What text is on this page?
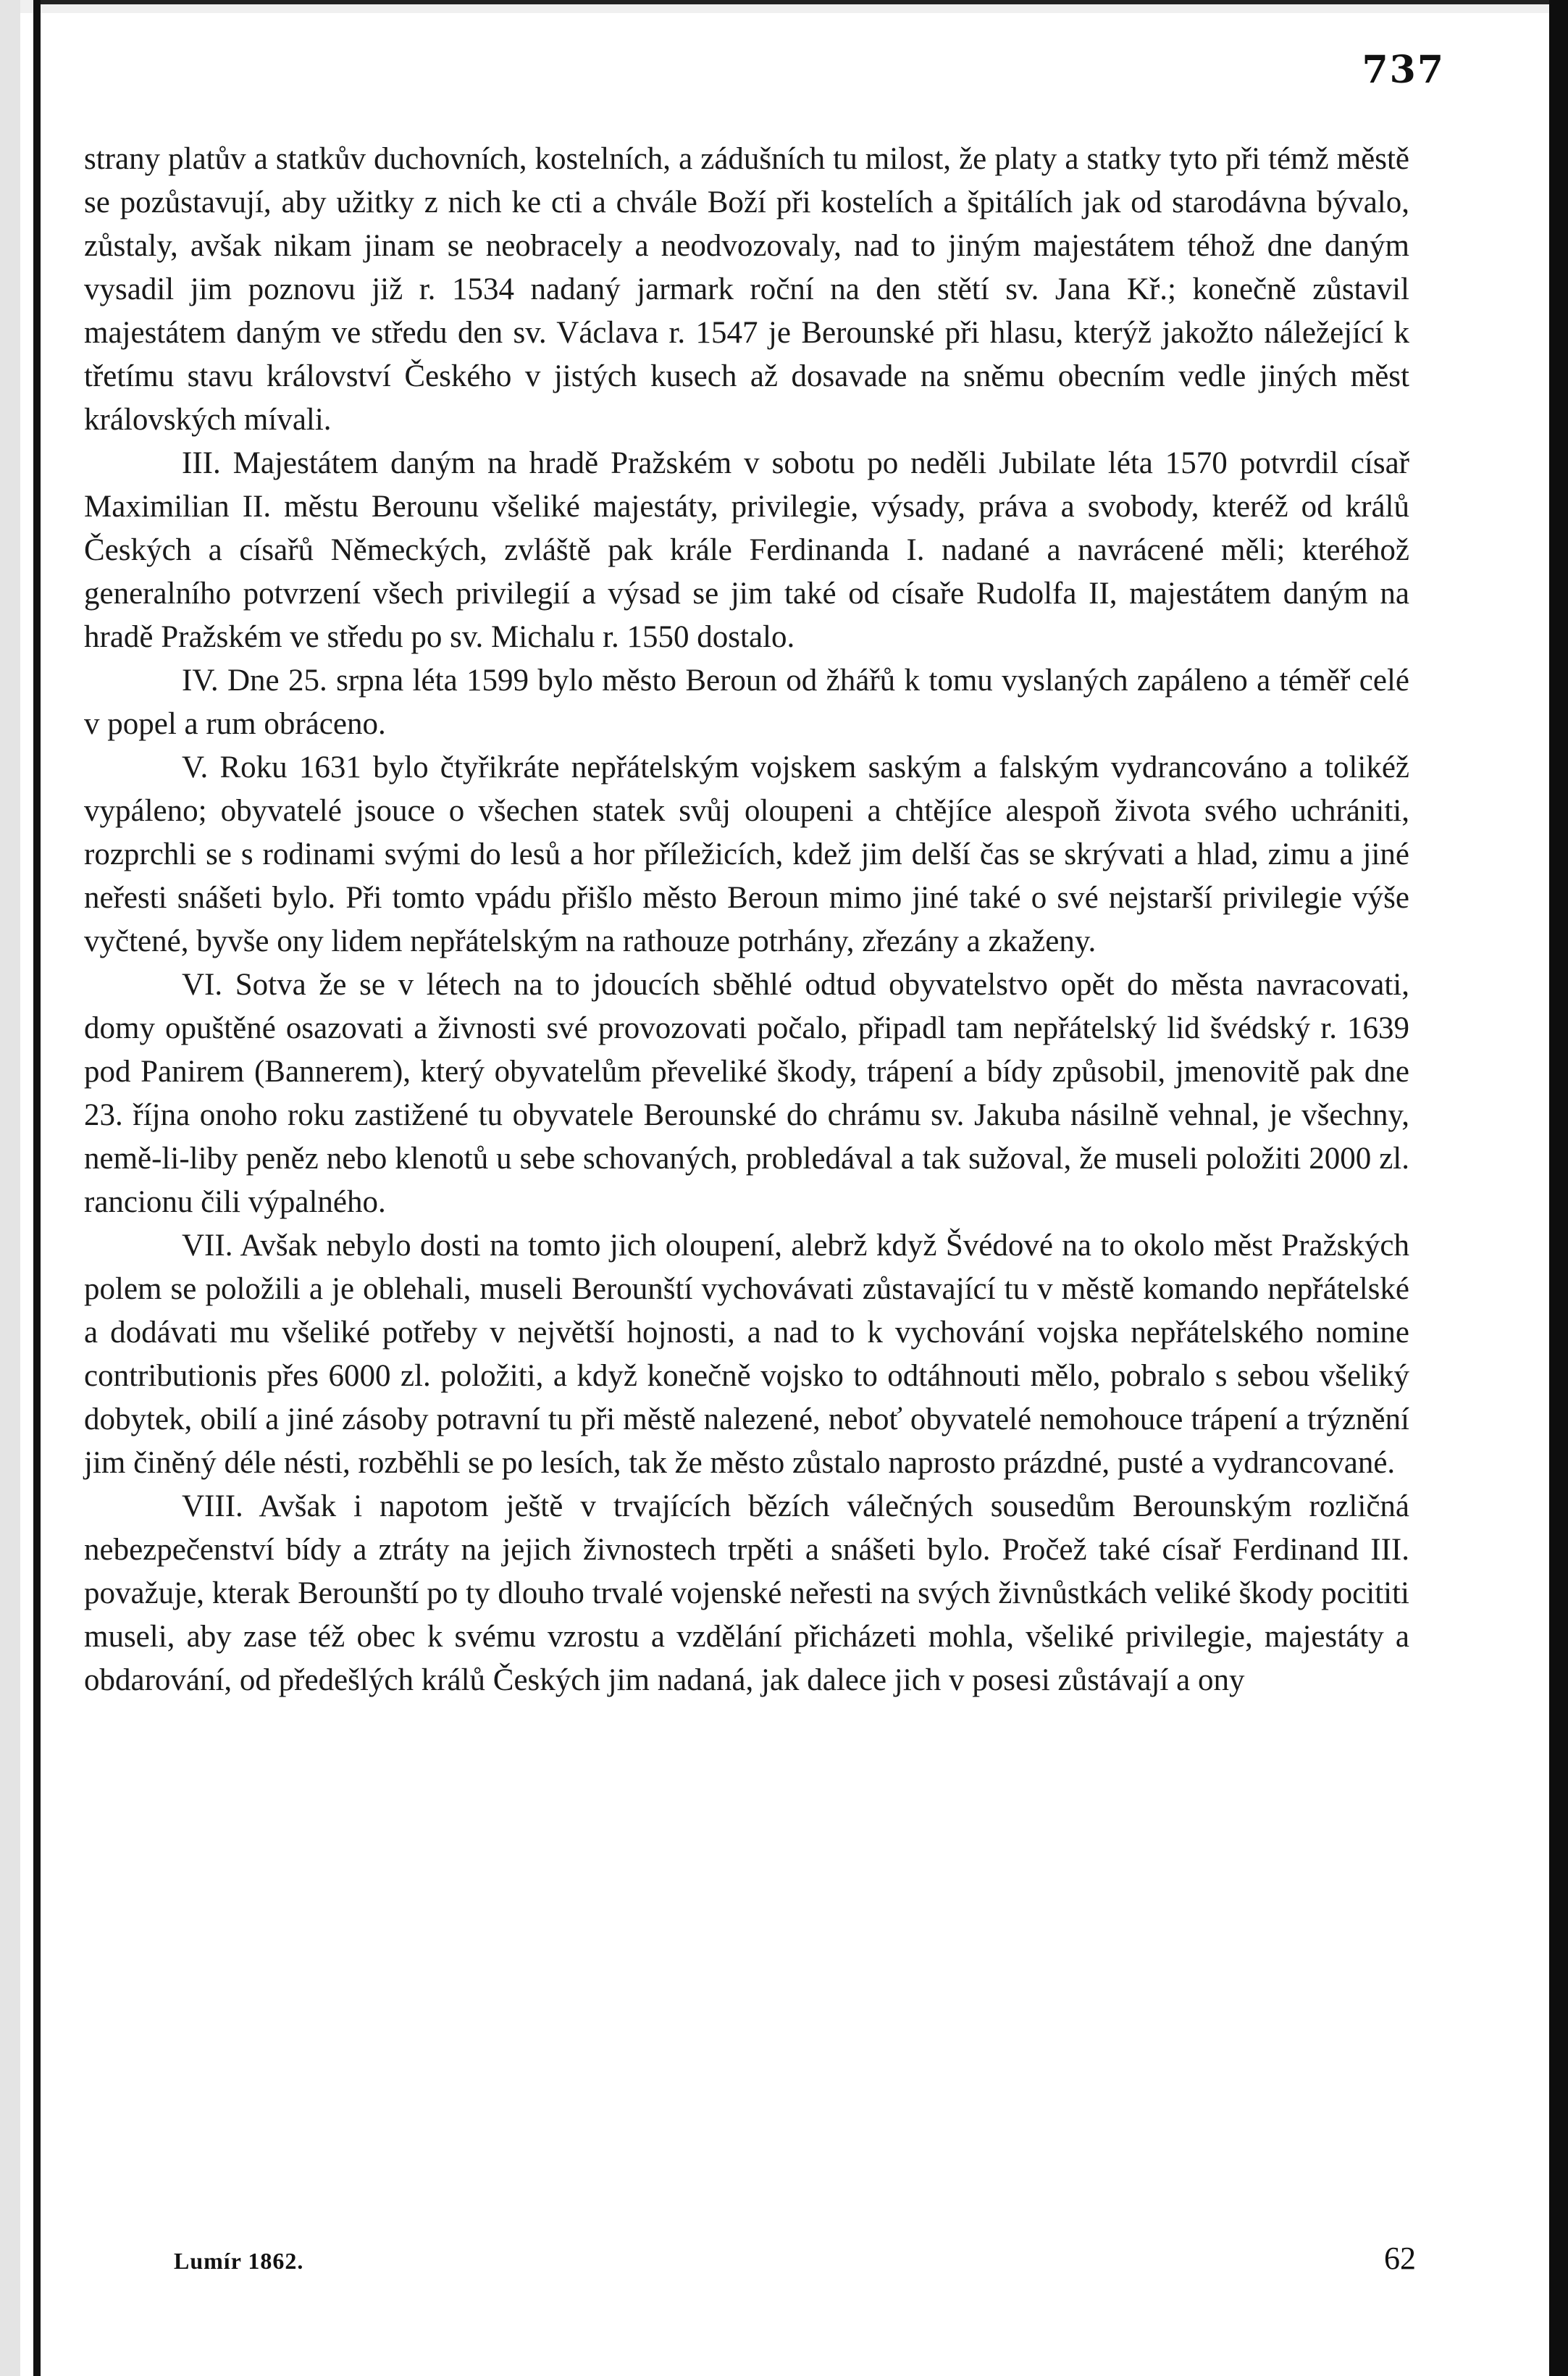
737

strany platův a statkův duchovních, kostelních, a zádušních tu milost, že platy a statky tyto při témž městě se pozůstavují, aby užitky z nich ke cti a chvále Boží při kostelích a špitálích jak od starodávna bývalo, zůstaly, avšak nikam jinam se neobracely a neodvozovaly, nad to jiným majestátem téhož dne daným vysadil jim poznovu již r. 1534 nadaný jarmark roční na den stětí sv. Jana Kř.; konečně zůstavil majestátem daným ve středu den sv. Václava r. 1547 je Berounské při hlasu, kterýž jakožto náležející k třetímu stavu království Českého v jistých kusech až dosavade na sněmu obecním vedle jiných měst královských mívali.

III. Majestátem daným na hradě Pražském v sobotu po neděli Jubilate léta 1570 potvrdil císař Maximilian II. městu Berounu všeliké majestáty, privilegie, výsady, práva a svobody, kteréž od králů Českých a císařů Německých, zvláště pak krále Ferdinanda I. nadané a navrácené měli; kteréhož generalního potvrzení všech privilegií a výsad se jim také od císaře Rudolfa II, majestátem daným na hradě Pražském ve středu po sv. Michalu r. 1550 dostalo.

IV. Dne 25. srpna léta 1599 bylo město Beroun od žhářů k tomu vyslaných zapáleno a téměř celé v popel a rum obráceno.

V. Roku 1631 bylo čtyřikráte nepřátelským vojskem saským a falským vydrancováno a tolikéž vypáleno; obyvatelé jsouce o všechen statek svůj oloupeni a chtějíce alespoň života svého uchrániti, rozprchli se s rodinami svými do lesů a hor příležicích, kdež jim delší čas se skrývati a hlad, zimu a jiné neřesti snášeti bylo. Při tomto vpádu přišlo město Beroun mimo jiné také o své nejstarší privilegie výše vyčtené, byvše ony lidem nepřátelským na rathouze potrhány, zřezány a zkaženy.

VI. Sotva že se v létech na to jdoucích sběhlé odtud obyvatelstvo opět do města navracovati, domy opuštěné osazovati a živnosti své provozovati počalo, připadl tam nepřátelský lid švédský r. 1639 pod Panirem (Bannerem), který obyvatelům převeliké škody, trápení a bídy způsobil, jmenovitě pak dne 23. října onoho roku zastižené tu obyvatele Berounské do chrámu sv. Jakuba násilně vehnal, je všechny, nemě-li-liby peněz nebo klenotů u sebe schovaných, probledával a tak sužoval, že museli položiti 2000 zl. rancionu čili výpalného.

VII. Avšak nebylo dosti na tomto jich oloupení, alebrž když Švédové na to okolo měst Pražských polem se položili a je oblehali, museli Berounští vychovávati zůstavající tu v městě komando nepřátelské a dodávati mu všeliké potřeby v největší hojnosti, a nad to k vychování vojska nepřátelského nomine contributionis přes 6000 zl. položiti, a když konečně vojsko to odtáhnouti mělo, pobralo s sebou všeliký dobytek, obilí a jiné zásoby potravní tu při městě nalezené, neboť obyvatelé nemohouce trápení a trýznění jim činěný déle nésti, rozběhli se po lesích, tak že město zůstalo naprosto prázdné, pusté a vydrancované.

VIII. Avšak i napotom ještě v trvajících bězích válečných sousedům Berounským rozličná nebezpečenství bídy a ztráty na jejich živnostech trpěti a snášeti bylo. Pročež také císař Ferdinand III. považuje, kterak Berounští po ty dlouho trvalé vojenské neřesti na svých živnůstkách veliké škody pocititi museli, aby zase též obec k svému vzrostu a vzdělání přicházeti mohla, všeliké privilegie, majestáty a obdarování, od předešlých králů Českých jim nadaná, jak dalece jich v posesi zůstávají a ony

Lumír 1862.	62
